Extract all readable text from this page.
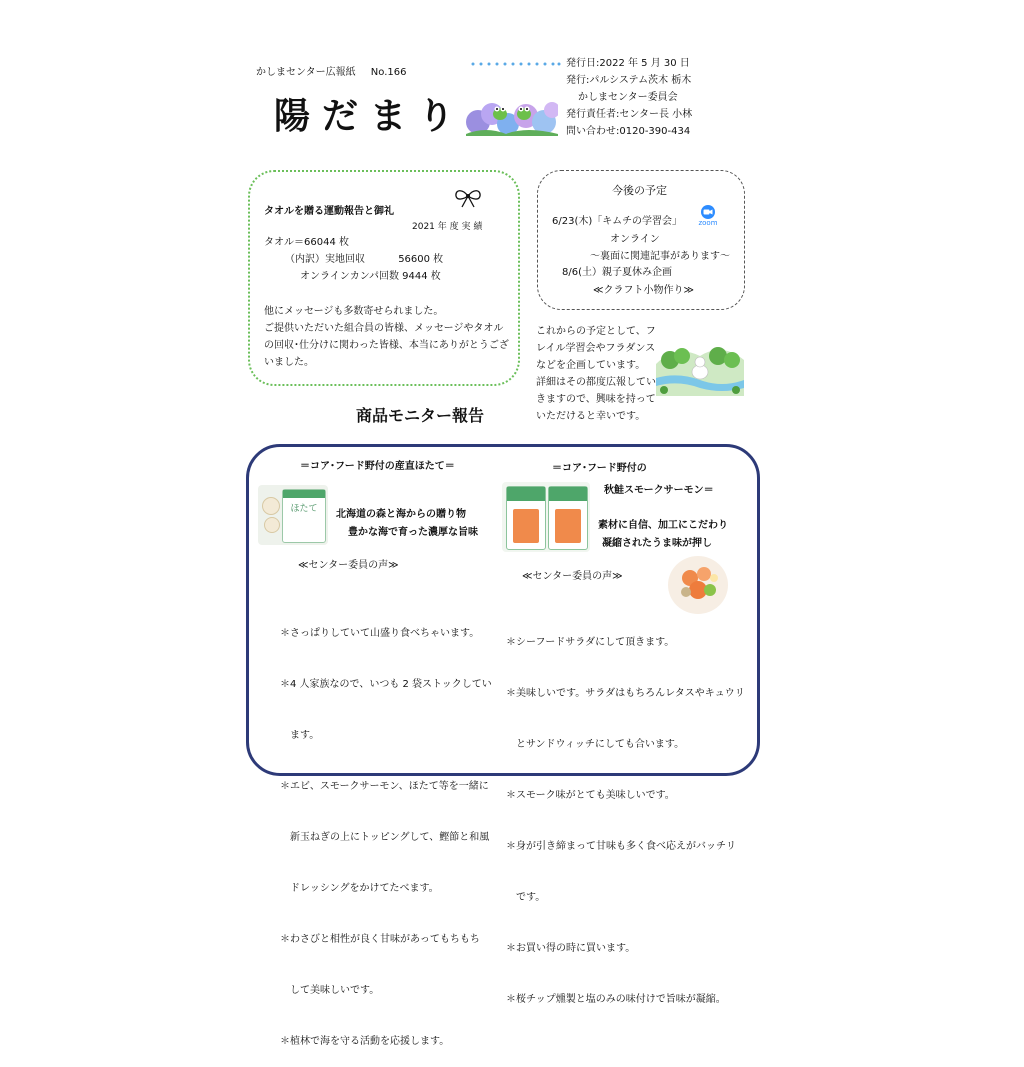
かしまセンター広報紙 No.166
陽だまり
発行日:2022 年 5 月 30 日
発行:パルシステム茨木 栃木
かしまセンター委員会
発行責任者:センター長 小林
問い合わせ:0120-390-434
タオルを贈る運動報告と御礼
2021 年 度 実 績
タオル＝66044 枚
（内訳）実地回収	56600 枚
オンラインカンパ回数 9444 枚
他にメッセージも多数寄せられました。
ご提供いただいた組合員の皆様、メッセージやタオル
の回収･仕分けに関わった皆様、本当にありがとうござ
いました。
今後の予定
6/23(木)「キムチの学習会」	zoom
オンライン
～裏面に関連記事があります～
8/6(土）親子夏休み企画
≪クラフト小物作り≫
これからの予定として、フ
レイル学習会やフラダンス
などを企画しています。
詳細はその都度広報してい
きますので、興味を持って
いただけると幸いです。
商品モニター報告
＝コア･フード野付の産直ほたて＝
ほたて	北海道の森と海からの贈り物
豊かな海で育った濃厚な旨味
≪センター委員の声≫

＊さっぱりしていて山盛り食べちゃいます。

＊4 人家族なので、いつも 2 袋ストックしてい

　ます。

＊エビ、スモークサーモン、ほたて等を一緒に

　新玉ねぎの上にトッピングして、鰹節と和風

　ドレッシングをかけてたべます。

＊わさびと相性が良く甘味があってもちもち

　して美味しいです。

＊植林で海を守る活動を応援します。

＝コア･フード野付の
秋鮭スモークサーモン＝
素材に自信、加工にこだわり
凝縮されたうま味が押し
≪センター委員の声≫

＊シーフードサラダにして頂きます。

＊美味しいです。サラダはもちろんレタスやキュウリ

　とサンドウィッチにしても合います。

＊スモーク味がとても美味しいです。

＊身が引き締まって甘味も多く食べ応えがバッチリ

　です。

＊お買い得の時に買います。

＊桜チップ燻製と塩のみの味付けで旨味が凝縮。
